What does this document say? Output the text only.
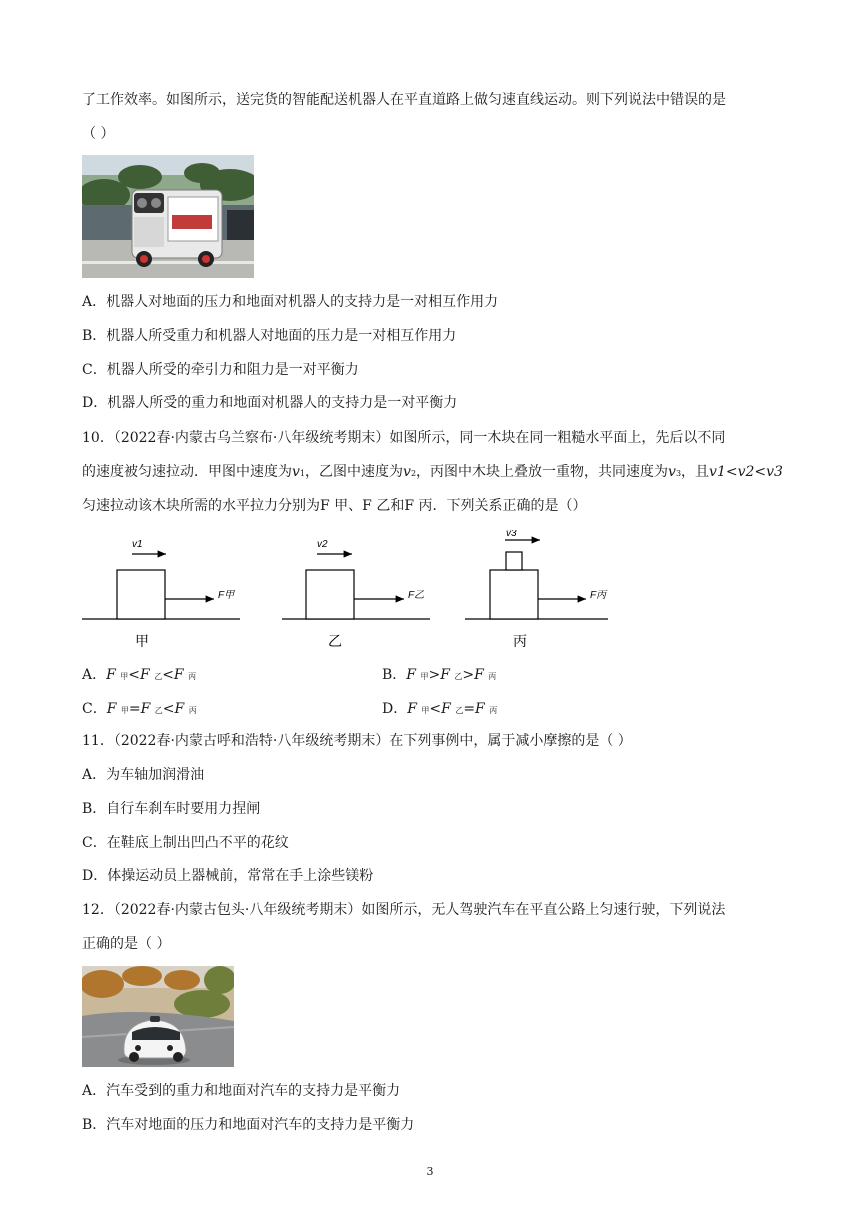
了工作效率。如图所示，送完货的智能配送机器人在平直道路上做匀速直线运动。则下列说法中错误的是
（ ）
A．机器人对地面的压力和地面对机器人的支持力是一对相互作用力
B．机器人所受重力和机器人对地面的压力是一对相互作用力
C．机器人所受的牵引力和阻力是一对平衡力
D．机器人所受的重力和地面对机器人的支持力是一对平衡力
10．（2022春·内蒙古乌兰察布·八年级统考期末）如图所示，同一木块在同一粗糙水平面上，先后以不同
的速度被匀速拉动．甲图中速度为v1，乙图中速度为v2，丙图中木块上叠放一重物，共同速度为v3，且v1<v2<v3
匀速拉动该木块所需的水平拉力分别为F 甲、F 乙和F 丙．下列关系正确的是（）
v1
F甲
甲
v2
F乙
乙
v3
F丙
丙
A．F 甲<F 乙<F 丙	B．F 甲>F 乙>F 丙
C．F 甲=F 乙<F 丙	D．F 甲<F 乙=F 丙
11．（2022春·内蒙古呼和浩特·八年级统考期末）在下列事例中，属于减小摩擦的是（ ）
A．为车轴加润滑油
B．自行车刹车时要用力捏闸
C．在鞋底上制出凹凸不平的花纹
D．体操运动员上器械前，常常在手上涂些镁粉
12．（2022春·内蒙古包头·八年级统考期末）如图所示，无人驾驶汽车在平直公路上匀速行驶，下列说法
正确的是（ ）
A．汽车受到的重力和地面对汽车的支持力是平衡力
B．汽车对地面的压力和地面对汽车的支持力是平衡力
3
